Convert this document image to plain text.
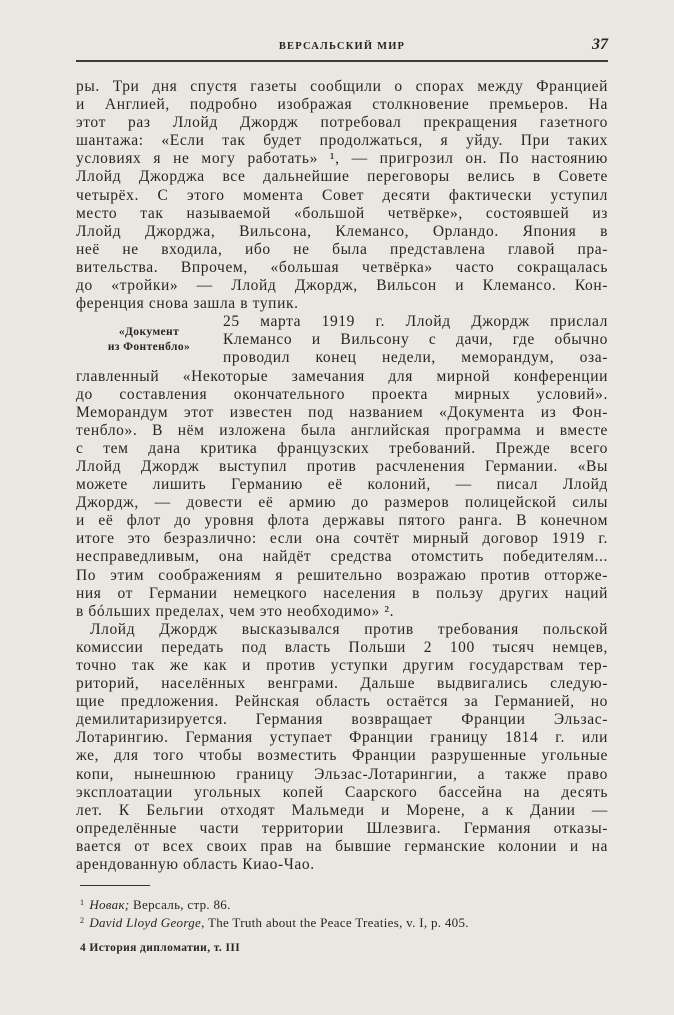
ВЕРСАЛЬСКИЙ МИР	37
«Документ
из Фонтенбло»
ры. Три дня спустя газеты сообщили о спорах между Францией
и Англией, подробно изображая столкновение премьеров. На
этот раз Ллойд Джордж потребовал прекращения газетного
шантажа: «Если так будет продолжаться, я уйду. При таких
условиях я не могу работать» ¹, — пригрозил он. По настоянию
Ллойд Джорджа все дальнейшие переговоры велись в Совете
четырёх. С этого момента Совет десяти фактически уступил
место так называемой «большой четвёрке», состоявшей из
Ллойд Джорджа, Вильсона, Клемансо, Орландо. Япония в
неё не входила, ибо не была представлена главой пра-
вительства. Впрочем, «большая четвёрка» часто сокращалась
до «тройки» — Ллойд Джордж, Вильсон и Клемансо. Кон-
ференция снова зашла в тупик.
25 марта 1919 г. Ллойд Джордж прислал
Клемансо и Вильсону с дачи, где обычно
проводил конец недели, меморандум, оза-
главленный «Некоторые замечания для мирной конференции
до составления окончательного проекта мирных условий».
Меморандум этот известен под названием «Документа из Фон-
тенбло». В нём изложена была английская программа и вместе
с тем дана критика французских требований. Прежде всего
Ллойд Джордж выступил против расчленения Германии. «Вы
можете лишить Германию её колоний, — писал Ллойд
Джордж, — довести её армию до размеров полицейской силы
и её флот до уровня флота державы пятого ранга. В конечном
итоге это безразлично: если она сочтёт мирный договор 1919 г.
несправедливым, она найдёт средства отомстить победителям...
По этим соображениям я решительно возражаю против отторже-
ния от Германии немецкого населения в пользу других наций
в бóльших пределах, чем это необходимо» ².
Ллойд Джордж высказывался против требования польской
комиссии передать под власть Польши 2 100 тысяч немцев,
точно так же как и против уступки другим государствам тер-
риторий, населённых венграми. Дальше выдвигались следую-
щие предложения. Рейнская область остаётся за Германией, но
демилитаризируется. Германия возвращает Франции Эльзас-
Лотарингию. Германия уступает Франции границу 1814 г. или
же, для того чтобы возместить Франции разрушенные угольные
копи, нынешнюю границу Эльзас-Лотарингии, а также право
эксплоатации угольных копей Саарского бассейна на десять
лет. К Бельгии отходят Мальмеди и Морене, а к Дании —
определённые части территории Шлезвига. Германия отказы-
вается от всех своих прав на бывшие германские колонии и на
арендованную область Киао-Чао.
$^1$ Новак; Версаль, стр. 86.
$^2$ David Lloyd George, The Truth about the Peace Treaties, v. I, p. 405.
4 История дипломатии, т. III
